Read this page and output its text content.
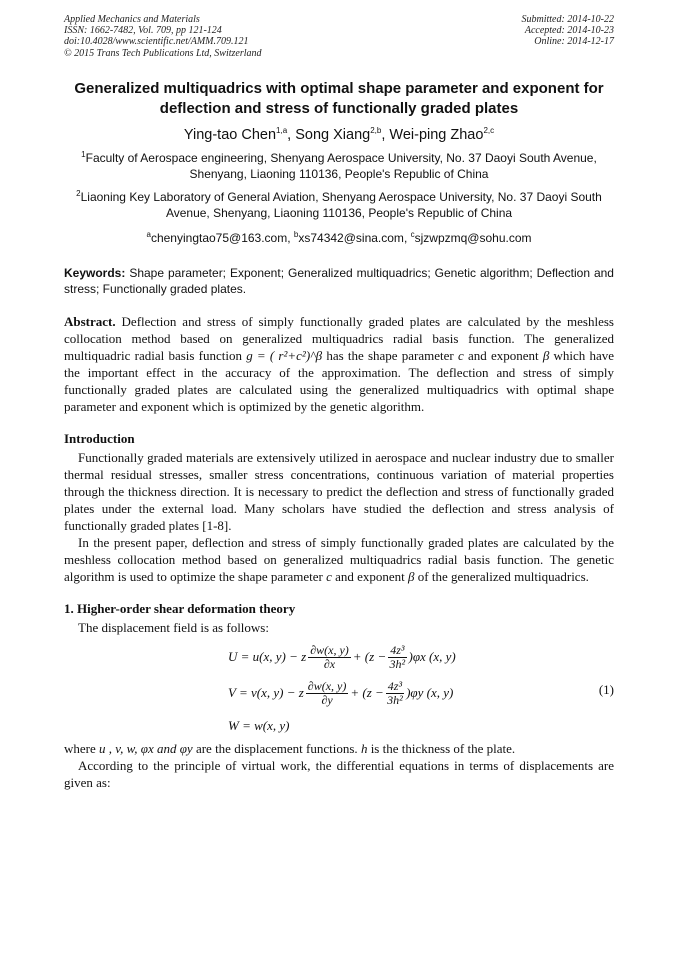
Applied Mechanics and Materials
ISSN: 1662-7482, Vol. 709, pp 121-124
doi:10.4028/www.scientific.net/AMM.709.121
© 2015 Trans Tech Publications Ltd, Switzerland
Submitted: 2014-10-22
Accepted: 2014-10-23
Online: 2014-12-17
Generalized multiquadrics with optimal shape parameter and exponent for deflection and stress of functionally graded plates
Ying-tao Chen$^{1,a}$, Song Xiang$^{2,b}$, Wei-ping Zhao$^{2,c}$
$^1$Faculty of Aerospace engineering, Shenyang Aerospace University, No. 37 Daoyi South Avenue, Shenyang, Liaoning 110136, People's Republic of China
$^2$Liaoning Key Laboratory of General Aviation, Shenyang Aerospace University, No. 37 Daoyi South Avenue, Shenyang, Liaoning 110136, People's Republic of China
$^a$chenyingtao75@163.com, $^b$xs74342@sina.com, $^c$sjzwpzmq@sohu.com
Keywords: Shape parameter; Exponent; Generalized multiquadrics; Genetic algorithm; Deflection and stress; Functionally graded plates.
Abstract. Deflection and stress of simply functionally graded plates are calculated by the meshless collocation method based on generalized multiquadrics radial basis function. The generalized multiquadric radial basis function g = ( r²+c²)^β has the shape parameter c and exponent β which have the important effect in the accuracy of the approximation. The deflection and stress of simply functionally graded plates are calculated using the generalized multiquadrics with optimal shape parameter and exponent which is optimized by the genetic algorithm.
Introduction

Functionally graded materials are extensively utilized in aerospace and nuclear industry due to smaller thermal residual stresses, smaller stress concentrations, continuous variation of material properties through the thickness direction. It is necessary to predict the deflection and stress of functionally graded plates under the external load. Many scholars have studied the deflection and stress analysis of functionally graded plates [1-8].

In the present paper, deflection and stress of simply functionally graded plates are calculated by the meshless collocation method based on generalized multiquadrics radial basis function. The genetic algorithm is used to optimize the shape parameter c and exponent β of the generalized multiquadrics.

1. Higher-order shear deformation theory

The displacement field is as follows:

U = u(x, y) − z $\frac{\partial w(x, y)}{\partial x} + (z - \frac{\text{4z³}}{\text{3h²}} )\varphi x$ (x, y)
V = v(x, y) − z $\frac{\partial w(x, y)}{\partial y} + (z - \frac{\text{4z³}}{\text{3h²}} )\varphi y$ (x, y)
W = w(x, y)
(1)

where u , v, w, φx and φy are the displacement functions. h is the thickness of the plate.

According to the principle of virtual work, the differential equations in terms of displacements are given as:
